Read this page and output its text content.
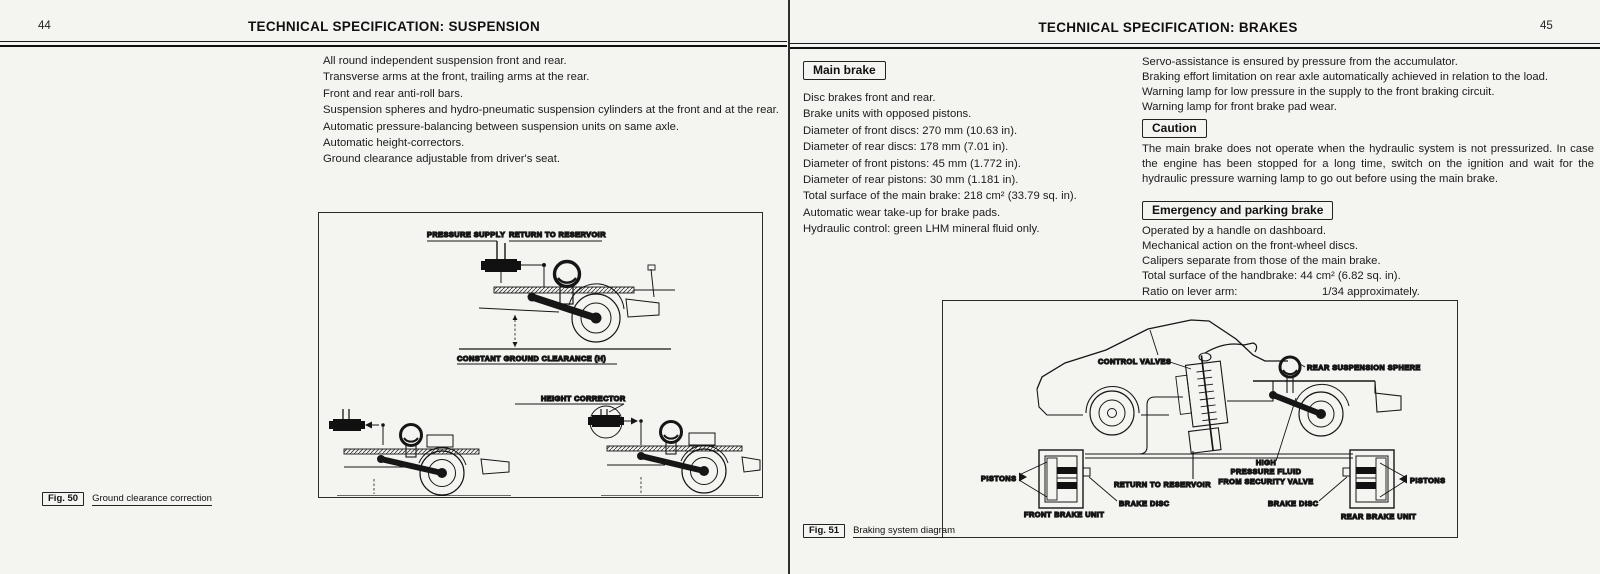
44	TECHNICAL SPECIFICATION: SUSPENSION
All round independent suspension front and rear.
Transverse arms at the front, trailing arms at the rear.
Front and rear anti-roll bars.
Suspension spheres and hydro-pneumatic suspension cylinders at the front and at the rear.
Automatic pressure-balancing between suspension units on same axle.
Automatic height-correctors.
Ground clearance adjustable from driver's seat.
PRESSURE SUPPLY RETURN TO RESERVOIR
CONSTANT GROUND CLEARANCE (H)
HEIGHT CORRECTOR
Fig. 50	Ground clearance correction
TECHNICAL SPECIFICATION: BRAKES	45
Main brake
Disc brakes front and rear.
Brake units with opposed pistons.
Diameter of front discs: 270 mm (10.63 in).
Diameter of rear discs: 178 mm (7.01 in).
Diameter of front pistons: 45 mm (1.772 in).
Diameter of rear pistons: 30 mm (1.181 in).
Total surface of the main brake: 218 cm² (33.79 sq. in).
Automatic wear take-up for brake pads.
Hydraulic control: green LHM mineral fluid only.
Servo-assistance is ensured by pressure from the accumulator.
Braking effort limitation on rear axle automatically achieved in relation to the load.
Warning lamp for low pressure in the supply to the front braking circuit.
Warning lamp for front brake pad wear.
Caution
The main brake does not operate when the hydraulic system is not pressurized. In case the engine has been stopped for a long time, switch on the ignition and wait for the hydraulic pressure warning lamp to go out before using the main brake.
Emergency and parking brake
Operated by a handle on dashboard.
Mechanical action on the front-wheel discs.
Calipers separate from those of the main brake.
Total surface of the handbrake: 44 cm² (6.82 sq. in).
Ratio on lever arm:	1/34 approximately.
CONTROL VALVES
REAR SUSPENSION SPHERE
PISTONS	PISTONS
RETURN TO RESERVOIR
HIGH
PRESSURE FLUID
FROM SECURITY VALVE
BRAKE DISC	BRAKE DISC
FRONT BRAKE UNIT	REAR BRAKE UNIT
Fig. 51	Braking system diagram
